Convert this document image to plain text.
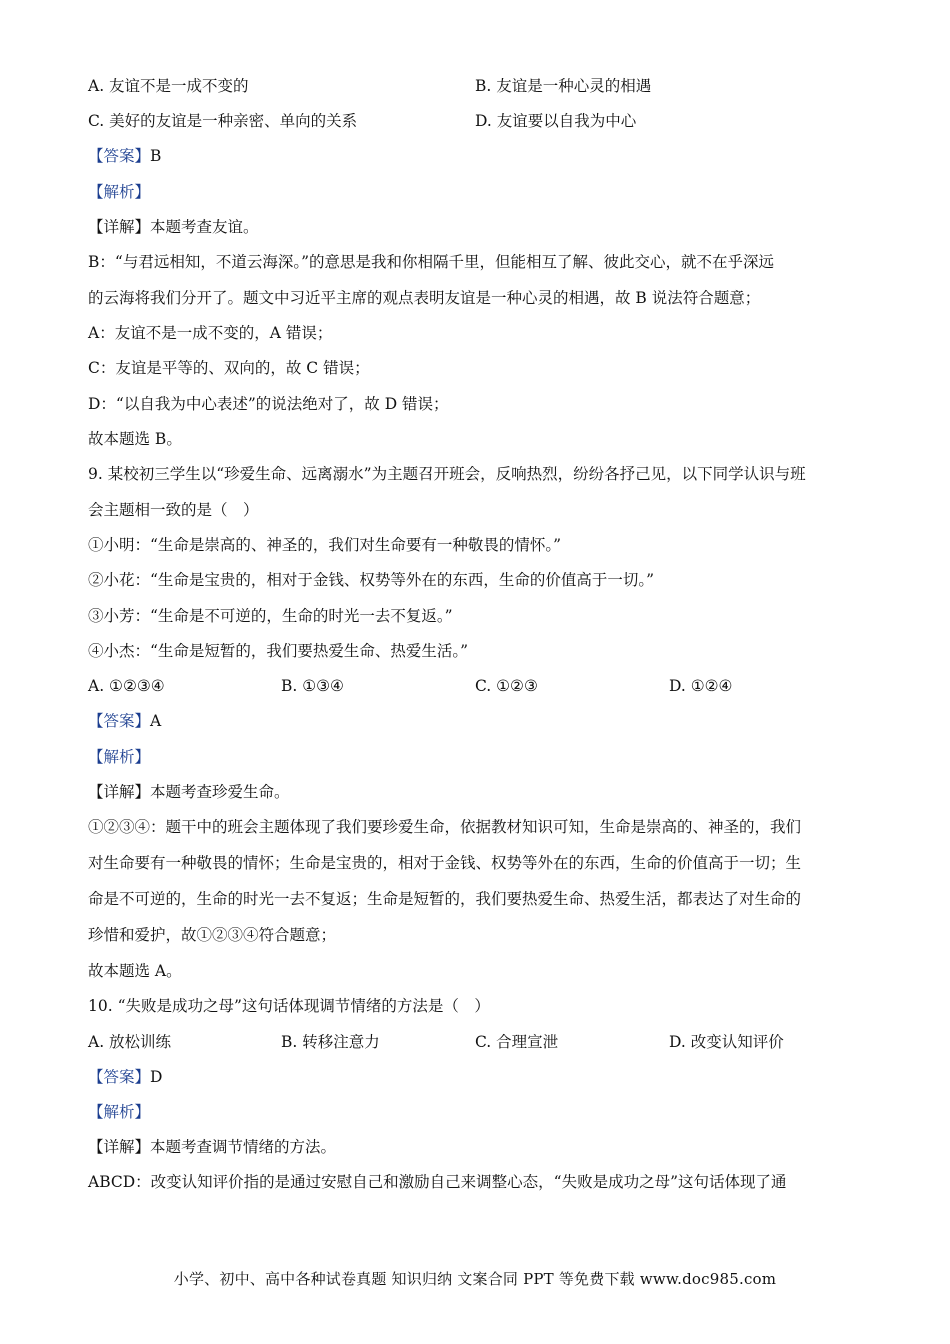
A. 友谊不是一成不变的	B. 友谊是一种心灵的相遇
C. 美好的友谊是一种亲密、单向的关系	D. 友谊要以自我为中心
【答案】B
【解析】
【详解】本题考查友谊。
B：“与君远相知，不道云海深。”的意思是我和你相隔千里，但能相互了解、彼此交心，就不在乎深远
的云海将我们分开了。题文中习近平主席的观点表明友谊是一种心灵的相遇，故 B 说法符合题意；
A：友谊不是一成不变的，A 错误；
C：友谊是平等的、双向的，故 C 错误；
D：“以自我为中心表述”的说法绝对了，故 D 错误；
故本题选 B。
9. 某校初三学生以“珍爱生命、远离溺水”为主题召开班会，反响热烈，纷纷各抒己见，以下同学认识与班
会主题相一致的是（　）
①小明：“生命是崇高的、神圣的，我们对生命要有一种敬畏的情怀。”
②小花：“生命是宝贵的，相对于金钱、权势等外在的东西，生命的价值高于一切。”
③小芳：“生命是不可逆的，生命的时光一去不复返。”
④小杰：“生命是短暂的，我们要热爱生命、热爱生活。”
A. ①②③④	B. ①③④	C. ①②③	D. ①②④
【答案】A
【解析】
【详解】本题考查珍爱生命。
①②③④：题干中的班会主题体现了我们要珍爱生命，依据教材知识可知，生命是崇高的、神圣的，我们
对生命要有一种敬畏的情怀；生命是宝贵的，相对于金钱、权势等外在的东西，生命的价值高于一切；生
命是不可逆的，生命的时光一去不复返；生命是短暂的，我们要热爱生命、热爱生活，都表达了对生命的
珍惜和爱护，故①②③④符合题意；
故本题选 A。
10. “失败是成功之母”这句话体现调节情绪的方法是（　）
A. 放松训练	B. 转移注意力	C. 合理宣泄	D. 改变认知评价
【答案】D
【解析】
【详解】本题考查调节情绪的方法。
ABCD：改变认知评价指的是通过安慰自己和激励自己来调整心态，“失败是成功之母”这句话体现了通
小学、初中、高中各种试卷真题 知识归纳 文案合同 PPT 等免费下载 www.doc985.com
